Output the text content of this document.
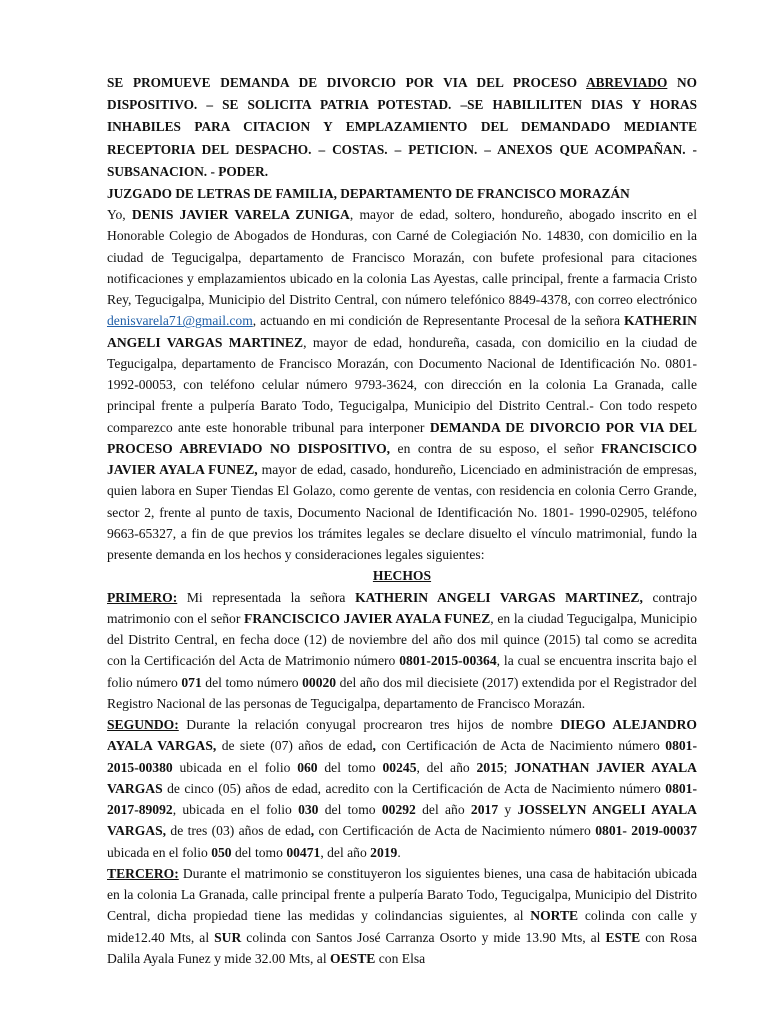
SE PROMUEVE DEMANDA DE DIVORCIO POR VIA DEL PROCESO ABREVIADO NO DISPOSITIVO. – SE SOLICITA PATRIA POTESTAD. –SE HABILILITEN DIAS Y HORAS INHABILES PARA CITACION Y EMPLAZAMIENTO DEL DEMANDADO MEDIANTE RECEPTORIA DEL DESPACHO. – COSTAS. – PETICION. – ANEXOS QUE ACOMPAÑAN. - SUBSANACION. - PODER.

JUZGADO DE LETRAS DE FAMILIA, DEPARTAMENTO DE FRANCISCO MORAZÁN

Yo, DENIS JAVIER VARELA ZUNIGA, mayor de edad, soltero, hondureño, abogado inscrito en el Honorable Colegio de Abogados de Honduras, con Carné de Colegiación No. 14830, con domicilio en la ciudad de Tegucigalpa, departamento de Francisco Morazán, con bufete profesional para citaciones notificaciones y emplazamientos ubicado en la colonia Las Ayestas, calle principal, frente a farmacia Cristo Rey, Tegucigalpa, Municipio del Distrito Central, con número telefónico 8849-4378, con correo electrónico denisvarela71@gmail.com, actuando en mi condición de Representante Procesal de la señora KATHERIN ANGELI VARGAS MARTINEZ, mayor de edad, hondureña, casada, con domicilio en la ciudad de Tegucigalpa, departamento de Francisco Morazán, con Documento Nacional de Identificación No. 0801-1992-00053, con teléfono celular número 9793-3624, con dirección en la colonia La Granada, calle principal frente a pulpería Barato Todo, Tegucigalpa, Municipio del Distrito Central.- Con todo respeto comparezco ante este honorable tribunal para interponer DEMANDA DE DIVORCIO POR VIA DEL PROCESO ABREVIADO NO DISPOSITIVO, en contra de su esposo, el señor FRANCISCICO JAVIER AYALA FUNEZ, mayor de edad, casado, hondureño, Licenciado en administración de empresas, quien labora en Super Tiendas El Golazo, como gerente de ventas, con residencia en colonia Cerro Grande, sector 2, frente al punto de taxis, Documento Nacional de Identificación No. 1801- 1990-02905, teléfono 9663-65327, a fin de que previos los trámites legales se declare disuelto el vínculo matrimonial, fundo la presente demanda en los hechos y consideraciones legales siguientes:

HECHOS

PRIMERO: Mi representada la señora KATHERIN ANGELI VARGAS MARTINEZ, contrajo matrimonio con el señor FRANCISCICO JAVIER AYALA FUNEZ, en la ciudad Tegucigalpa, Municipio del Distrito Central, en fecha doce (12) de noviembre del año dos mil quince (2015) tal como se acredita con la Certificación del Acta de Matrimonio número 0801-2015-00364, la cual se encuentra inscrita bajo el folio número 071 del tomo número 00020 del año dos mil diecisiete (2017) extendida por el Registrador del Registro Nacional de las personas de Tegucigalpa, departamento de Francisco Morazán.

SEGUNDO: Durante la relación conyugal procrearon tres hijos de nombre DIEGO ALEJANDRO AYALA VARGAS, de siete (07) años de edad, con Certificación de Acta de Nacimiento número 0801-2015-00380 ubicada en el folio 060 del tomo 00245, del año 2015; JONATHAN JAVIER AYALA VARGAS de cinco (05) años de edad, acredito con la Certificación de Acta de Nacimiento número 0801-2017-89092, ubicada en el folio 030 del tomo 00292 del año 2017 y JOSSELYN ANGELI AYALA VARGAS, de tres (03) años de edad, con Certificación de Acta de Nacimiento número 0801- 2019-00037 ubicada en el folio 050 del tomo 00471, del año 2019.

TERCERO: Durante el matrimonio se constituyeron los siguientes bienes, una casa de habitación ubicada en la colonia La Granada, calle principal frente a pulpería Barato Todo, Tegucigalpa, Municipio del Distrito Central, dicha propiedad tiene las medidas y colindancias siguientes, al NORTE colinda con calle y mide12.40 Mts, al SUR colinda con Santos José Carranza Osorto y mide 13.90 Mts, al ESTE con Rosa Dalila Ayala Funez y mide 32.00 Mts, al OESTE con Elsa
